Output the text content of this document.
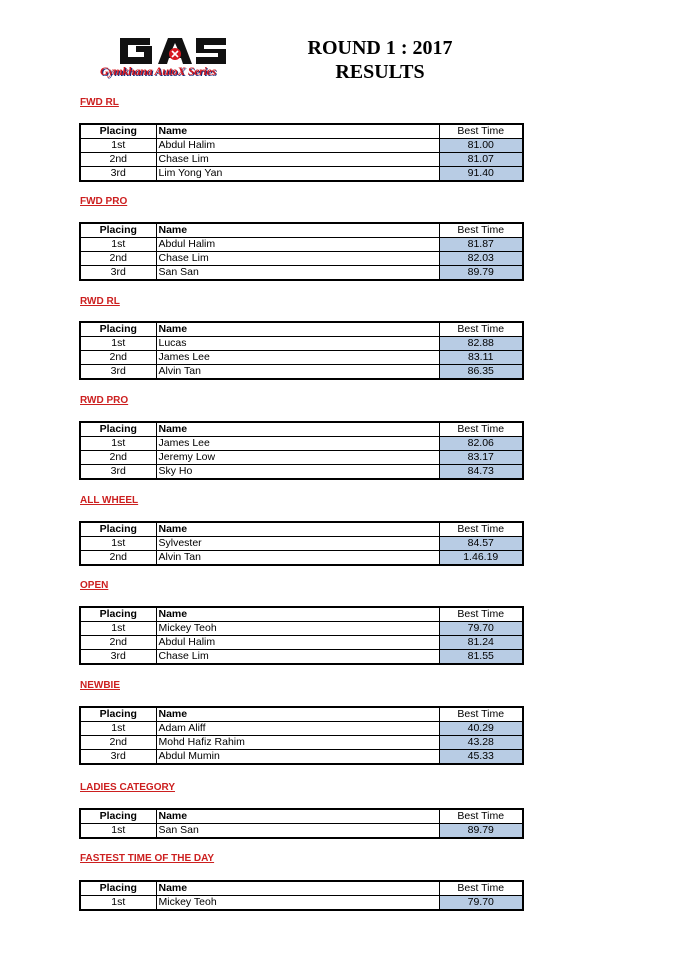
Gymkhana AutoX Series
ROUND 1 : 2017
RESULTS
FWD RL
Placing	Name	Best Time
1st	Abdul Halim	81.00
2nd	Chase Lim	81.07
3rd	Lim Yong Yan	91.40
FWD PRO
Placing	Name	Best Time
1st	Abdul Halim	81.87
2nd	Chase Lim	82.03
3rd	San San	89.79
RWD RL
Placing	Name	Best Time
1st	Lucas	82.88
2nd	James Lee	83.11
3rd	Alvin Tan	86.35
RWD PRO
Placing	Name	Best Time
1st	James Lee	82.06
2nd	Jeremy Low	83.17
3rd	Sky Ho	84.73
ALL WHEEL
Placing	Name	Best Time
1st	Sylvester	84.57
2nd	Alvin Tan	1.46.19
OPEN
Placing	Name	Best Time
1st	Mickey Teoh	79.70
2nd	Abdul Halim	81.24
3rd	Chase Lim	81.55
NEWBIE
Placing	Name	Best Time
1st	Adam Aliff	40.29
2nd	Mohd Hafiz Rahim	43.28
3rd	Abdul Mumin	45.33
LADIES CATEGORY
Placing	Name	Best Time
1st	San San	89.79
FASTEST TIME OF THE DAY
Placing	Name	Best Time
1st	Mickey Teoh	79.70
